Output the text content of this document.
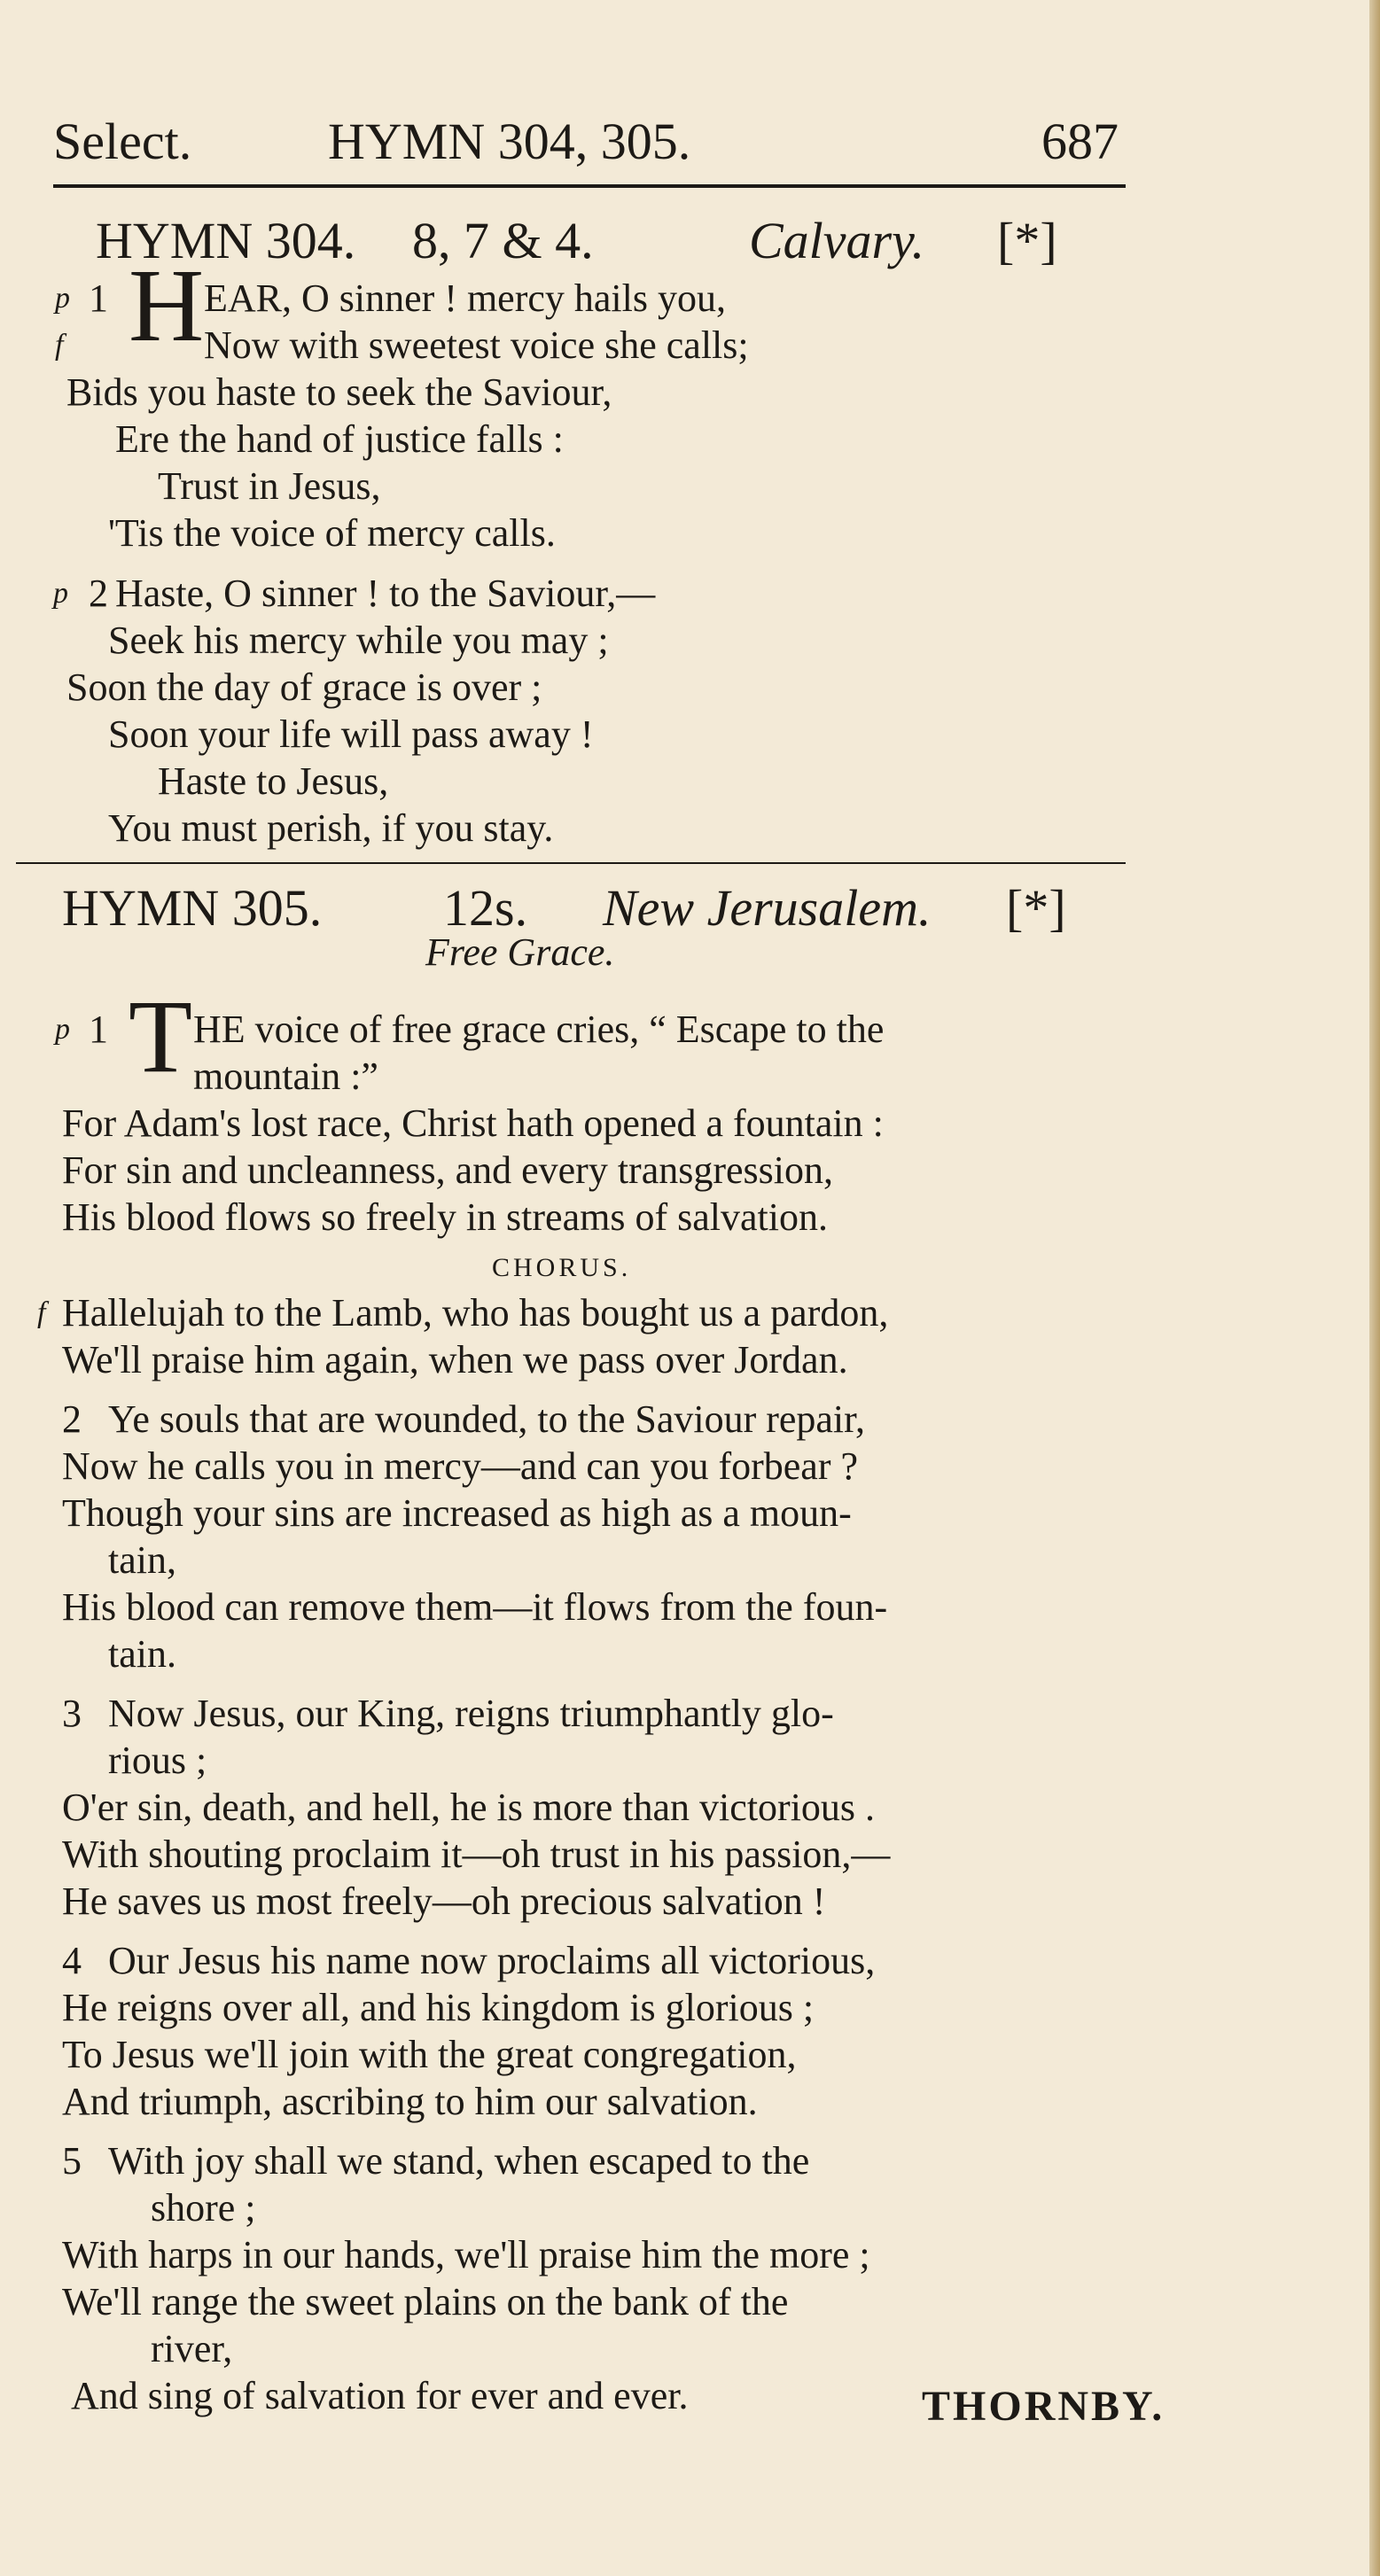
Select.	HYMN 304, 305.	687
HYMN 304. 8, 7 & 4.	Calvary. [*]
p
f
1 H EAR, O sinner ! mercy hails you,
Now with sweetest voice she calls;
Bids you haste to seek the Saviour,
Ere the hand of justice falls :
Trust in Jesus,
'Tis the voice of mercy calls.
p 2 Haste, O sinner ! to the Saviour,—
Seek his mercy while you may ;
Soon the day of grace is over ;
Soon your life will pass away !
Haste to Jesus,
You must perish, if you stay.
HYMN 305. 12s. New Jerusalem. [*]
Free Grace.
p 1 T HE voice of free grace cries, “ Escape to the
mountain :”
For Adam's lost race, Christ hath opened a fountain :
For sin and uncleanness, and every transgression,
His blood flows so freely in streams of salvation.
CHORUS.
f Hallelujah to the Lamb, who has bought us a pardon,
We'll praise him again, when we pass over Jordan.
2 Ye souls that are wounded, to the Saviour repair,
Now he calls you in mercy—and can you forbear ?
Though your sins are increased as high as a moun-
tain,
His blood can remove them—it flows from the foun-
tain.
3 Now Jesus, our King, reigns triumphantly glo-
rious ;
O'er sin, death, and hell, he is more than victorious .
With shouting proclaim it—oh trust in his passion,—
He saves us most freely—oh precious salvation !
4 Our Jesus his name now proclaims all victorious,
He reigns over all, and his kingdom is glorious ;
To Jesus we'll join with the great congregation,
And triumph, ascribing to him our salvation.
5 With joy shall we stand, when escaped to the
shore ;
With harps in our hands, we'll praise him the more ;
We'll range the sweet plains on the bank of the
river,
And sing of salvation for ever and ever.	THORNBY.
